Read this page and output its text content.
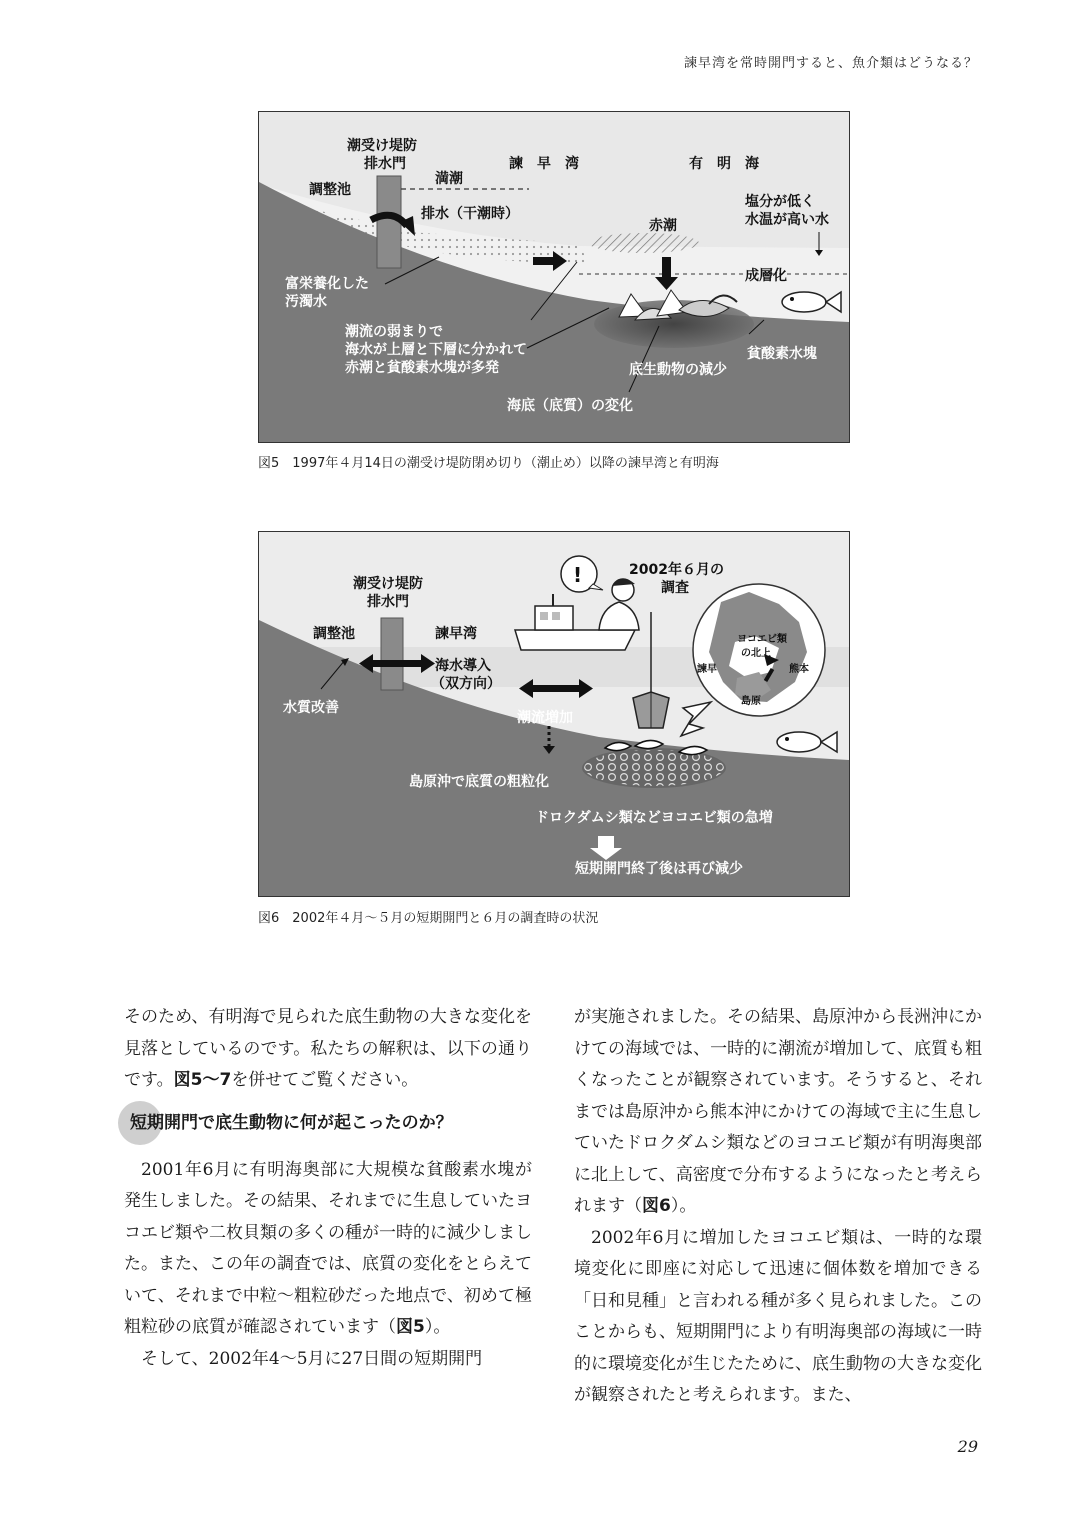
諫早湾を常時開門すると、魚介類はどうなる？
潮受け堤防
排水門	諫　早　湾	有　明　海
満潮
調整池
排水（干潮時）
塩分が低く
水温が高い水
赤潮
成層化
富栄養化した
汚濁水
潮流の弱まりで
海水が上層と下層に分かれて
赤潮と貧酸素水塊が多発
貧酸素水塊
底生動物の減少
海底（底質）の変化
図5　1997年４月14日の潮受け堤防閉め切り（潮止め）以降の諫早湾と有明海
!	2002年６月の
調査
潮受け堤防
排水門
調整池	諫早湾
海水導入
（双方向）
水質改善
潮流増加
ヨコエビ類
の北上
諫早	熊本
島原
島原沖で底質の粗粒化
ドロクダムシ類などヨコエビ類の急増
短期開門終了後は再び減少
図6　2002年４月～５月の短期開門と６月の調査時の状況

そのため、有明海で見られた底生動物の大きな変化を見落としているのです。私たちの解釈は、以下の通りです。図5～7を併せてご覧ください。

短期開門で底生動物に何が起こったのか？

2001年6月に有明海奥部に大規模な貧酸素水塊が発生しました。その結果、それまでに生息していたヨコエビ類や二枚貝類の多くの種が一時的に減少しました。また、この年の調査では、底質の変化をとらえていて、それまで中粒～粗粒砂だった地点で、初めて極粗粒砂の底質が確認されています（図5）。

そして、2002年4～5月に27日間の短期開門

が実施されました。その結果、島原沖から長洲沖にかけての海域では、一時的に潮流が増加して、底質も粗くなったことが観察されています。そうすると、それまでは島原沖から熊本沖にかけての海域で主に生息していたドロクダムシ類などのヨコエビ類が有明海奥部に北上して、高密度で分布するようになったと考えられます（図6）。

2002年6月に増加したヨコエビ類は、一時的な環境変化に即座に対応して迅速に個体数を増加できる「日和見種」と言われる種が多く見られました。このことからも、短期開門により有明海奥部の海域に一時的に環境変化が生じたために、底生動物の大きな変化が観察されたと考えられます。また、

29
